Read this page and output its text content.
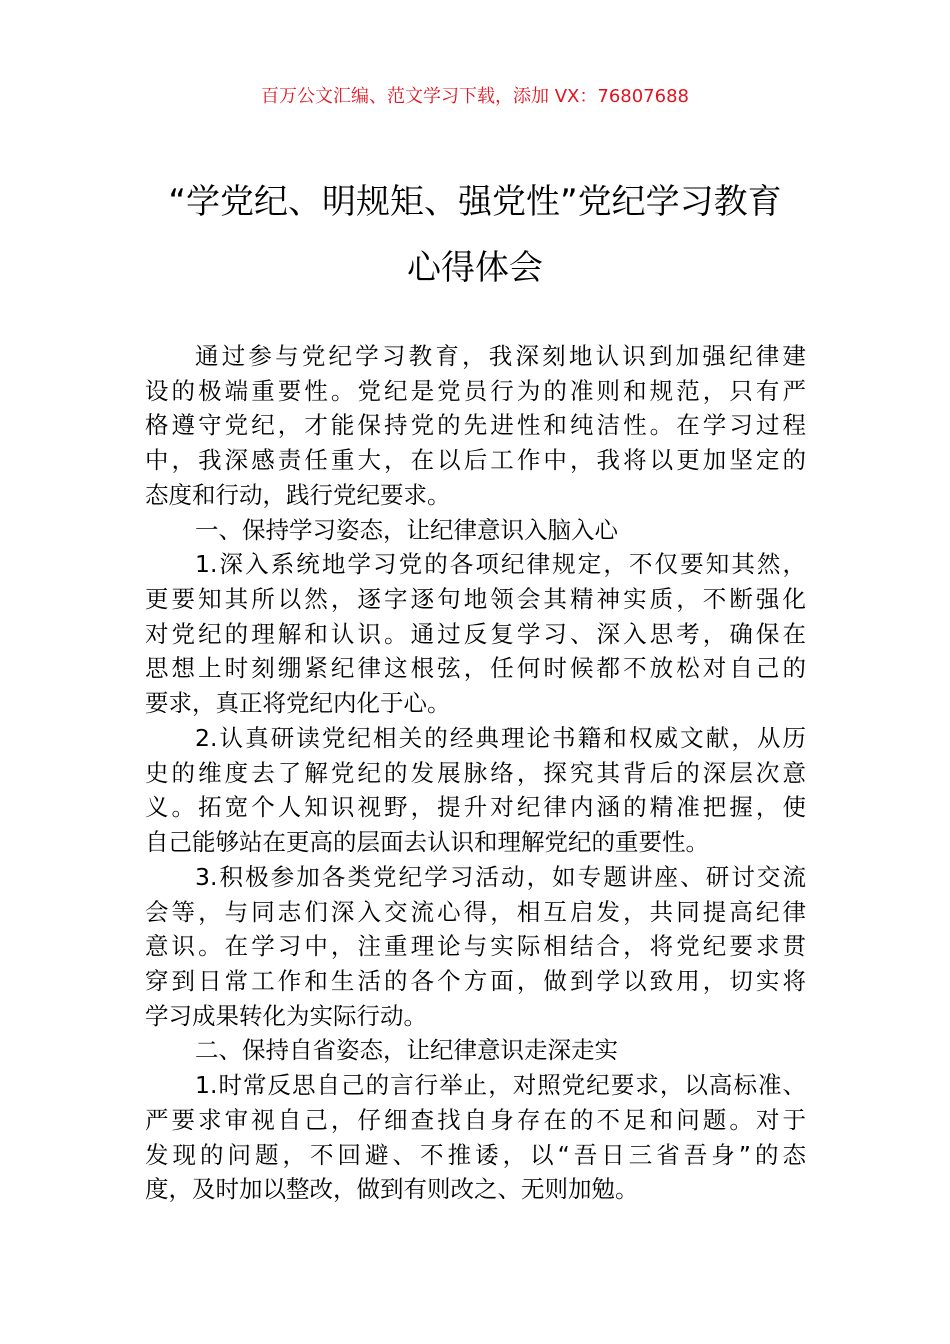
百万公文汇编、范文学习下载，添加 VX：76807688
“学党纪、明规矩、强党性”党纪学习教育
心得体会
通过参与党纪学习教育，我深刻地认识到加强纪律建
设的极端重要性。党纪是党员行为的准则和规范，只有严
格遵守党纪，才能保持党的先进性和纯洁性。在学习过程
中，我深感责任重大，在以后工作中，我将以更加坚定的
态度和行动，践行党纪要求。
一、保持学习姿态，让纪律意识入脑入心
1.深入系统地学习党的各项纪律规定，不仅要知其然，
更要知其所以然，逐字逐句地领会其精神实质，不断强化
对党纪的理解和认识。通过反复学习、深入思考，确保在
思想上时刻绷紧纪律这根弦，任何时候都不放松对自己的
要求，真正将党纪内化于心。
2.认真研读党纪相关的经典理论书籍和权威文献，从历
史的维度去了解党纪的发展脉络，探究其背后的深层次意
义。拓宽个人知识视野，提升对纪律内涵的精准把握，使
自己能够站在更高的层面去认识和理解党纪的重要性。
3.积极参加各类党纪学习活动，如专题讲座、研讨交流
会等，与同志们深入交流心得，相互启发，共同提高纪律
意识。在学习中，注重理论与实际相结合，将党纪要求贯
穿到日常工作和生活的各个方面，做到学以致用，切实将
学习成果转化为实际行动。
二、保持自省姿态，让纪律意识走深走实
1.时常反思自己的言行举止，对照党纪要求，以高标准、
严要求审视自己，仔细查找自身存在的不足和问题。对于
发现的问题，不回避、不推诿，以“吾日三省吾身”的态
度，及时加以整改，做到有则改之、无则加勉。
